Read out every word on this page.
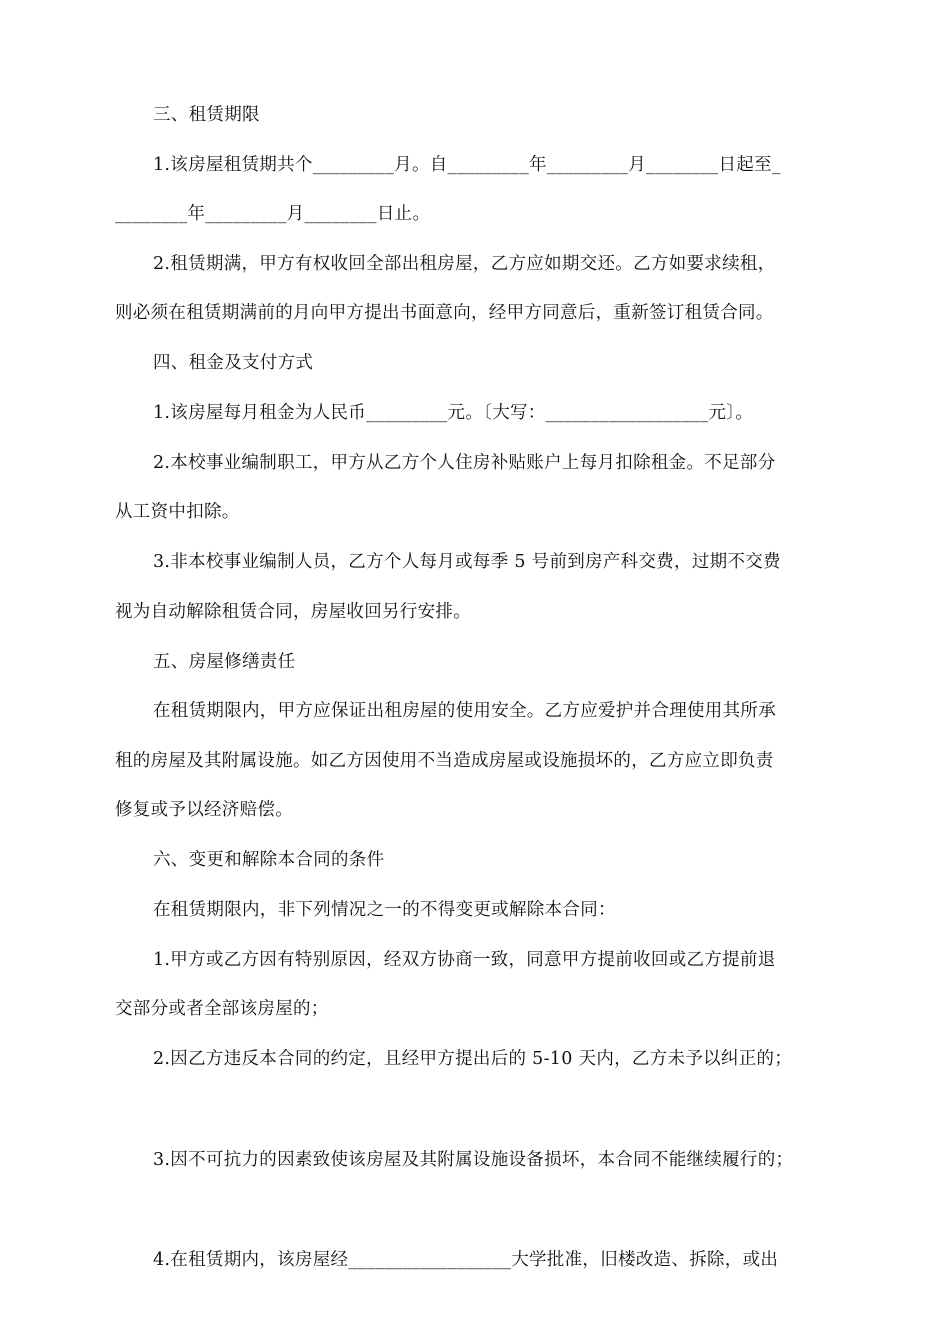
三、租赁期限
1.该房屋租赁期共个_________月。自_________年_________月________日起至_
________年_________月________日止。
2.租赁期满，甲方有权收回全部出租房屋，乙方应如期交还。乙方如要求续租，
则必须在租赁期满前的月向甲方提出书面意向，经甲方同意后，重新签订租赁合同。
四、租金及支付方式
1.该房屋每月租金为人民币_________元。〔大写：__________________元〕。
2.本校事业编制职工，甲方从乙方个人住房补贴账户上每月扣除租金。不足部分
从工资中扣除。
3.非本校事业编制人员，乙方个人每月或每季 5 号前到房产科交费，过期不交费
视为自动解除租赁合同，房屋收回另行安排。
五、房屋修缮责任
在租赁期限内，甲方应保证出租房屋的使用安全。乙方应爱护并合理使用其所承
租的房屋及其附属设施。如乙方因使用不当造成房屋或设施损坏的，乙方应立即负责
修复或予以经济赔偿。
六、变更和解除本合同的条件
在租赁期限内，非下列情况之一的不得变更或解除本合同：
1.甲方或乙方因有特别原因，经双方协商一致，同意甲方提前收回或乙方提前退
交部分或者全部该房屋的；
2.因乙方违反本合同的约定，且经甲方提出后的 5-10 天内，乙方未予以纠正的；
3.因不可抗力的因素致使该房屋及其附属设施设备损坏，本合同不能继续履行的；
4.在租赁期内，该房屋经__________________大学批准，旧楼改造、拆除，或出
